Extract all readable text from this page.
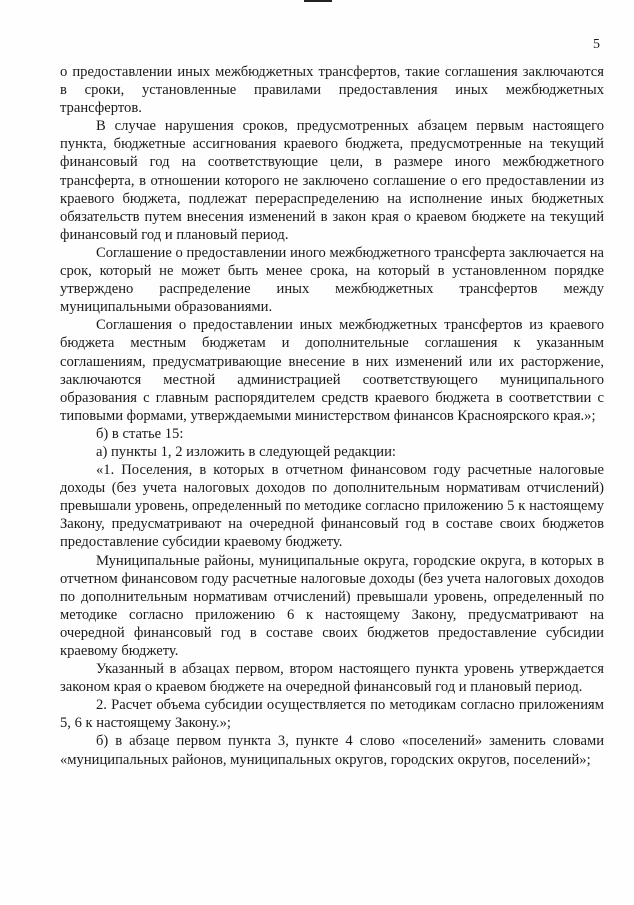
5

о предоставлении иных межбюджетных трансфертов, такие соглашения заключаются в сроки, установленные правилами предоставления иных межбюджетных трансфертов.

В случае нарушения сроков, предусмотренных абзацем первым настоящего пункта, бюджетные ассигнования краевого бюджета, предусмотренные на текущий финансовый год на соответствующие цели, в размере иного межбюджетного трансферта, в отношении которого не заключено соглашение о его предоставлении из краевого бюджета, подлежат перераспределению на исполнение иных бюджетных обязательств путем внесения изменений в закон края о краевом бюджете на текущий финансовый год и плановый период.

Соглашение о предоставлении иного межбюджетного трансферта заключается на срок, который не может быть менее срока, на который в установленном порядке утверждено распределение иных межбюджетных трансфертов между муниципальными образованиями.

Соглашения о предоставлении иных межбюджетных трансфертов из краевого бюджета местным бюджетам и дополнительные соглашения к указанным соглашениям, предусматривающие внесение в них изменений или их расторжение, заключаются местной администрацией соответствующего муниципального образования с главным распорядителем средств краевого бюджета в соответствии с типовыми формами, утверждаемыми министерством финансов Красноярского края.»;

б) в статье 15:

а) пункты 1, 2 изложить в следующей редакции:

«1. Поселения, в которых в отчетном финансовом году расчетные налоговые доходы (без учета налоговых доходов по дополнительным нормативам отчислений) превышали уровень, определенный по методике согласно приложению 5 к настоящему Закону, предусматривают на очередной финансовый год в составе своих бюджетов предоставление субсидии краевому бюджету.

Муниципальные районы, муниципальные округа, городские округа, в которых в отчетном финансовом году расчетные налоговые доходы (без учета налоговых доходов по дополнительным нормативам отчислений) превышали уровень, определенный по методике согласно приложению 6 к настоящему Закону, предусматривают на очередной финансовый год в составе своих бюджетов предоставление субсидии краевому бюджету.

Указанный в абзацах первом, втором настоящего пункта уровень утверждается законом края о краевом бюджете на очередной финансовый год и плановый период.

2. Расчет объема субсидии осуществляется по методикам согласно приложениям 5, 6 к настоящему Закону.»;

б) в абзаце первом пункта 3, пункте 4 слово «поселений» заменить словами «муниципальных районов, муниципальных округов, городских округов, поселений»;
